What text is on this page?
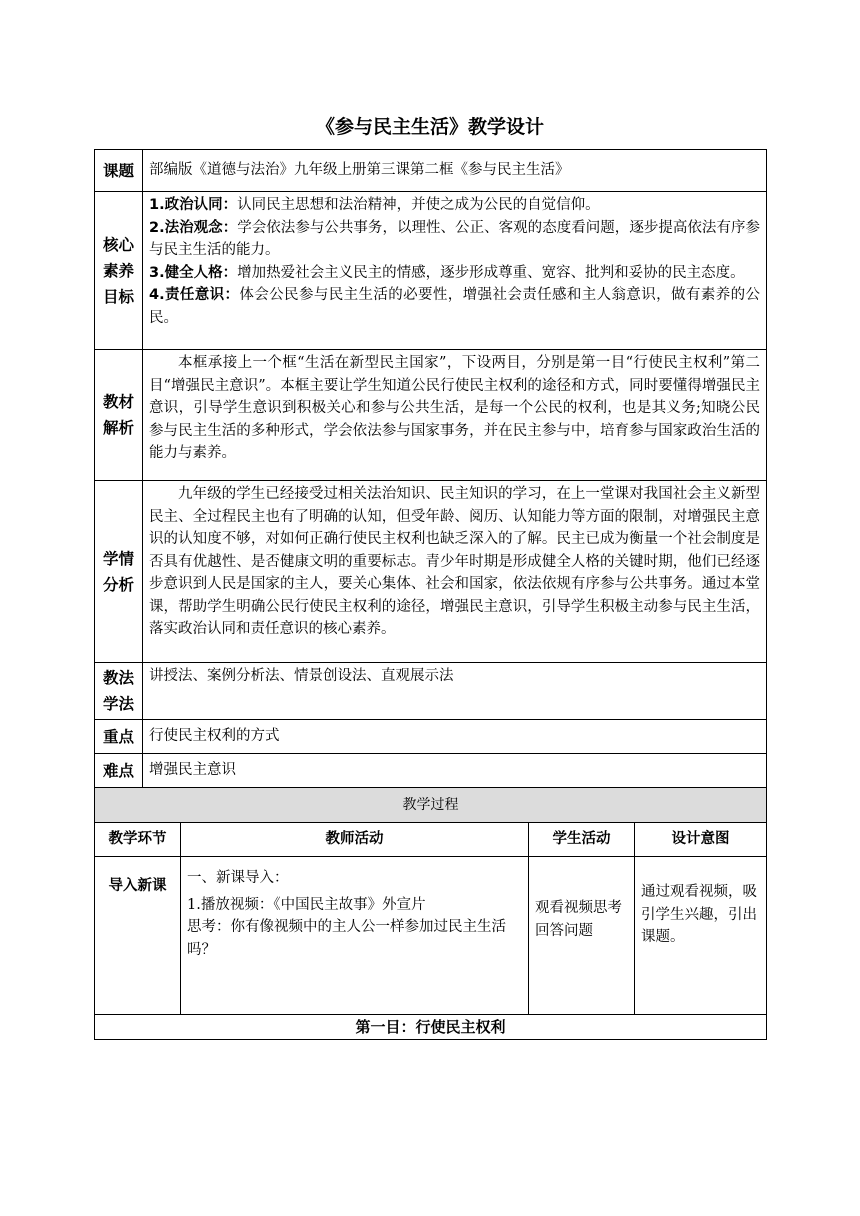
《参与民主生活》教学设计
课题	部编版《道德与法治》九年级上册第三课第二框《参与民主生活》			
核心素养目标	1.政治认同：认同民主思想和法治精神，并使之成为公民的自觉信仰。
2.法治观念：学会依法参与公共事务，以理性、公正、客观的态度看问题，逐步提高依法有序参与民主生活的能力。
3.健全人格：增加热爱社会主义民主的情感，逐步形成尊重、宽容、批判和妥协的民主态度。
4.责任意识：体会公民参与民主生活的必要性，增强社会责任感和主人翁意识，做有素养的公民。			

教材解析	本框承接上一个框“生活在新型民主国家”，下设两目，分别是第一目“行使民主权利”第二目“增强民主意识”。本框主要让学生知道公民行使民主权利的途径和方式，同时要懂得增强民主意识，引导学生意识到积极关心和参与公共生活，是每一个公民的权利，也是其义务;知晓公民参与民主生活的多种形式，学会依法参与国家事务，并在民主参与中，培育参与国家政治生活的能力与素养。			
学情分析	九年级的学生已经接受过相关法治知识、民主知识的学习，在上一堂课对我国社会主义新型民主、全过程民主也有了明确的认知，但受年龄、阅历、认知能力等方面的限制，对增强民主意识的认知度不够，对如何正确行使民主权利也缺乏深入的了解。民主已成为衡量一个社会制度是否具有优越性、是否健康文明的重要标志。青少年时期是形成健全人格的关键时期，他们已经逐步意识到人民是国家的主人，要关心集体、社会和国家，依法依规有序参与公共事务。通过本堂课，帮助学生明确公民行使民主权利的途径，增强民主意识，引导学生积极主动参与民主生活，落实政治认同和责任意识的核心素养。			
教法学法	讲授法、案例分析法、情景创设法、直观展示法			
重点	行使民主权利的方式			
难点	增强民主意识			
教学过程				
教学环节		教师活动	学生活动	设计意图
导入新课		一、新课导入：
1.播放视频：《中国民主故事》外宣片
思考：你有像视频中的主人公一样参加过民主生活吗？	观看视频思考回答问题	通过观看视频，吸引学生兴趣，引出课题。
第一目：行使民主权利				
